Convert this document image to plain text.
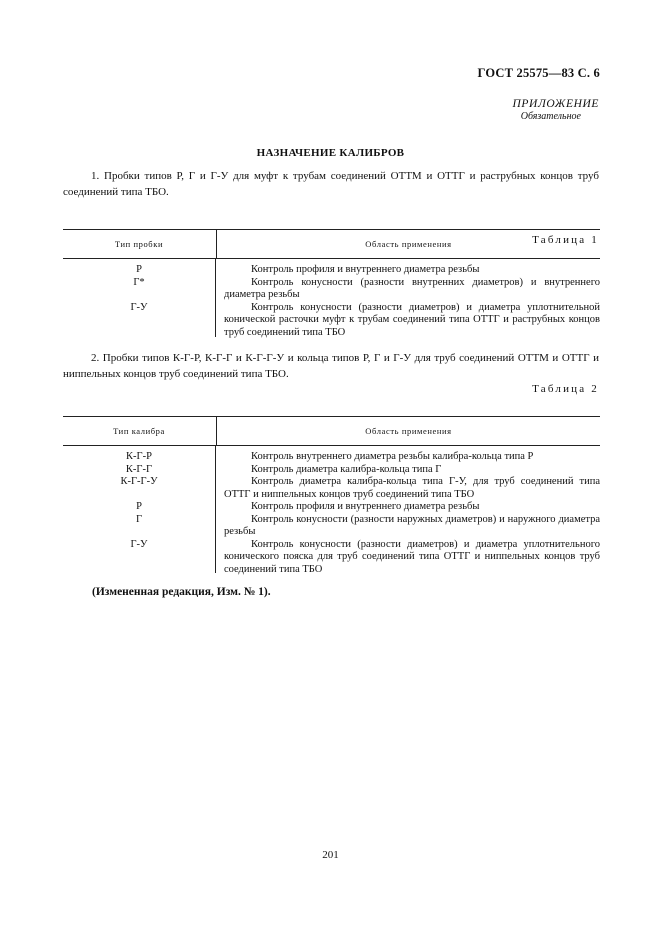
ГОСТ 25575—83 С. 6
ПРИЛОЖЕНИЕ
Обязательное
НАЗНАЧЕНИЕ КАЛИБРОВ
1. Пробки типов Р, Г и Г-У для муфт к трубам соединений ОТТМ и ОТТГ и раструбных концов труб соединений типа ТБО.
Таблица 1
Тип пробки	Область применения
Р	Контроль профиля и внутреннего диаметра резьбы
Г*	Контроль конусности (разности внутренних диаметров) и внутреннего диаметра резьбы
Г-У	Контроль конусности (разности диаметров) и диаметра уплотнительной конической расточки муфт к трубам соединений типа ОТТГ и раструбных концов труб соединений типа ТБО
2. Пробки типов К-Г-Р, К-Г-Г и К-Г-Г-У и кольца типов Р, Г и Г-У для труб соединений ОТТМ и ОТТГ и ниппельных концов труб соединений типа ТБО.
Таблица 2
Тип калибра	Область применения
К-Г-Р	Контроль внутреннего диаметра резьбы калибра-кольца типа Р
К-Г-Г	Контроль диаметра калибра-кольца типа Г
К-Г-Г-У	Контроль диаметра калибра-кольца типа Г-У, для труб соединений типа ОТТГ и ниппельных концов труб соединений типа ТБО
Р	Контроль профиля и внутреннего диаметра резьбы
Г	Контроль конусности (разности наружных диаметров) и наружного диаметра резьбы
Г-У	Контроль конусности (разности диаметров) и диаметра уплотнительного конического пояска для труб соединений типа ОТТГ и ниппельных концов труб соединений типа ТБО
(Измененная редакция, Изм. № 1).
201
